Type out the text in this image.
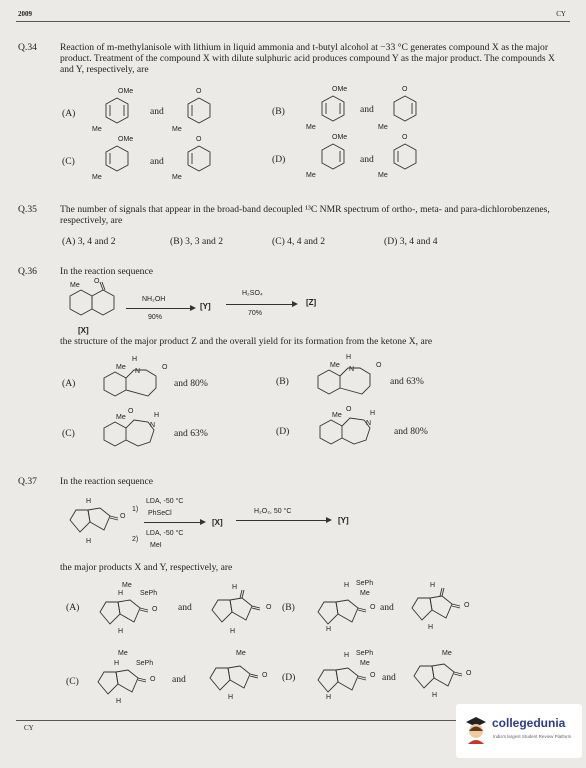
2009	CY
Q.34 Reaction of m-methylanisole with lithium in liquid ammonia and t-butyl alcohol at −33 °C generates compound X as the major product. Treatment of the compound X with dilute sulphuric acid produces compound Y as the major product. The compounds X and Y, respectively, are
(A)
OMe
Me
and
O
Me
(B)
OMe
Me
and
O
Me
(C)
OMe
Me
and
O
Me
(D)
OMe
Me
and
O
Me
Q.35 The number of signals that appear in the broad-band decoupled ¹³C NMR spectrum of ortho-, meta- and para-dichlorobenzenes, respectively, are
(A) 3, 4 and 2	(B) 3, 3 and 2	(C) 4, 4 and 2	(D) 3, 4 and 4
Q.36 In the reaction sequence
Me
O
[X]
NH₂OH
90%
[Y]
H₂SO₄
70%
[Z]
the structure of the major product Z and the overall yield for its formation from the ketone X, are
(A)
H
Me
N
O
and 80%	(B)
H
Me
N
O
and 63%
(C)
Me	H
N
O
and 63%	(D)
Me	H
N
O
and 80%
Q.37 In the reaction sequence
H
O
H
1)
LDA, -50 °C
PhSeCl
2)
LDA, -50 °C
MeI
[X]
H₂O₂, 50 °C
[Y]
the major products X and Y, respectively, are
(A)
Me
SePh
H
O
H
and
H
O
H
(B)
SePh
H
Me
O
H
and
H
O
H
(C)
Me
SePh
H
O
H
and
Me
O
H
(D)
SePh
H
Me
O
H
and
Me
O
H
CY	collegedunia
India's largest Student Review Platform
